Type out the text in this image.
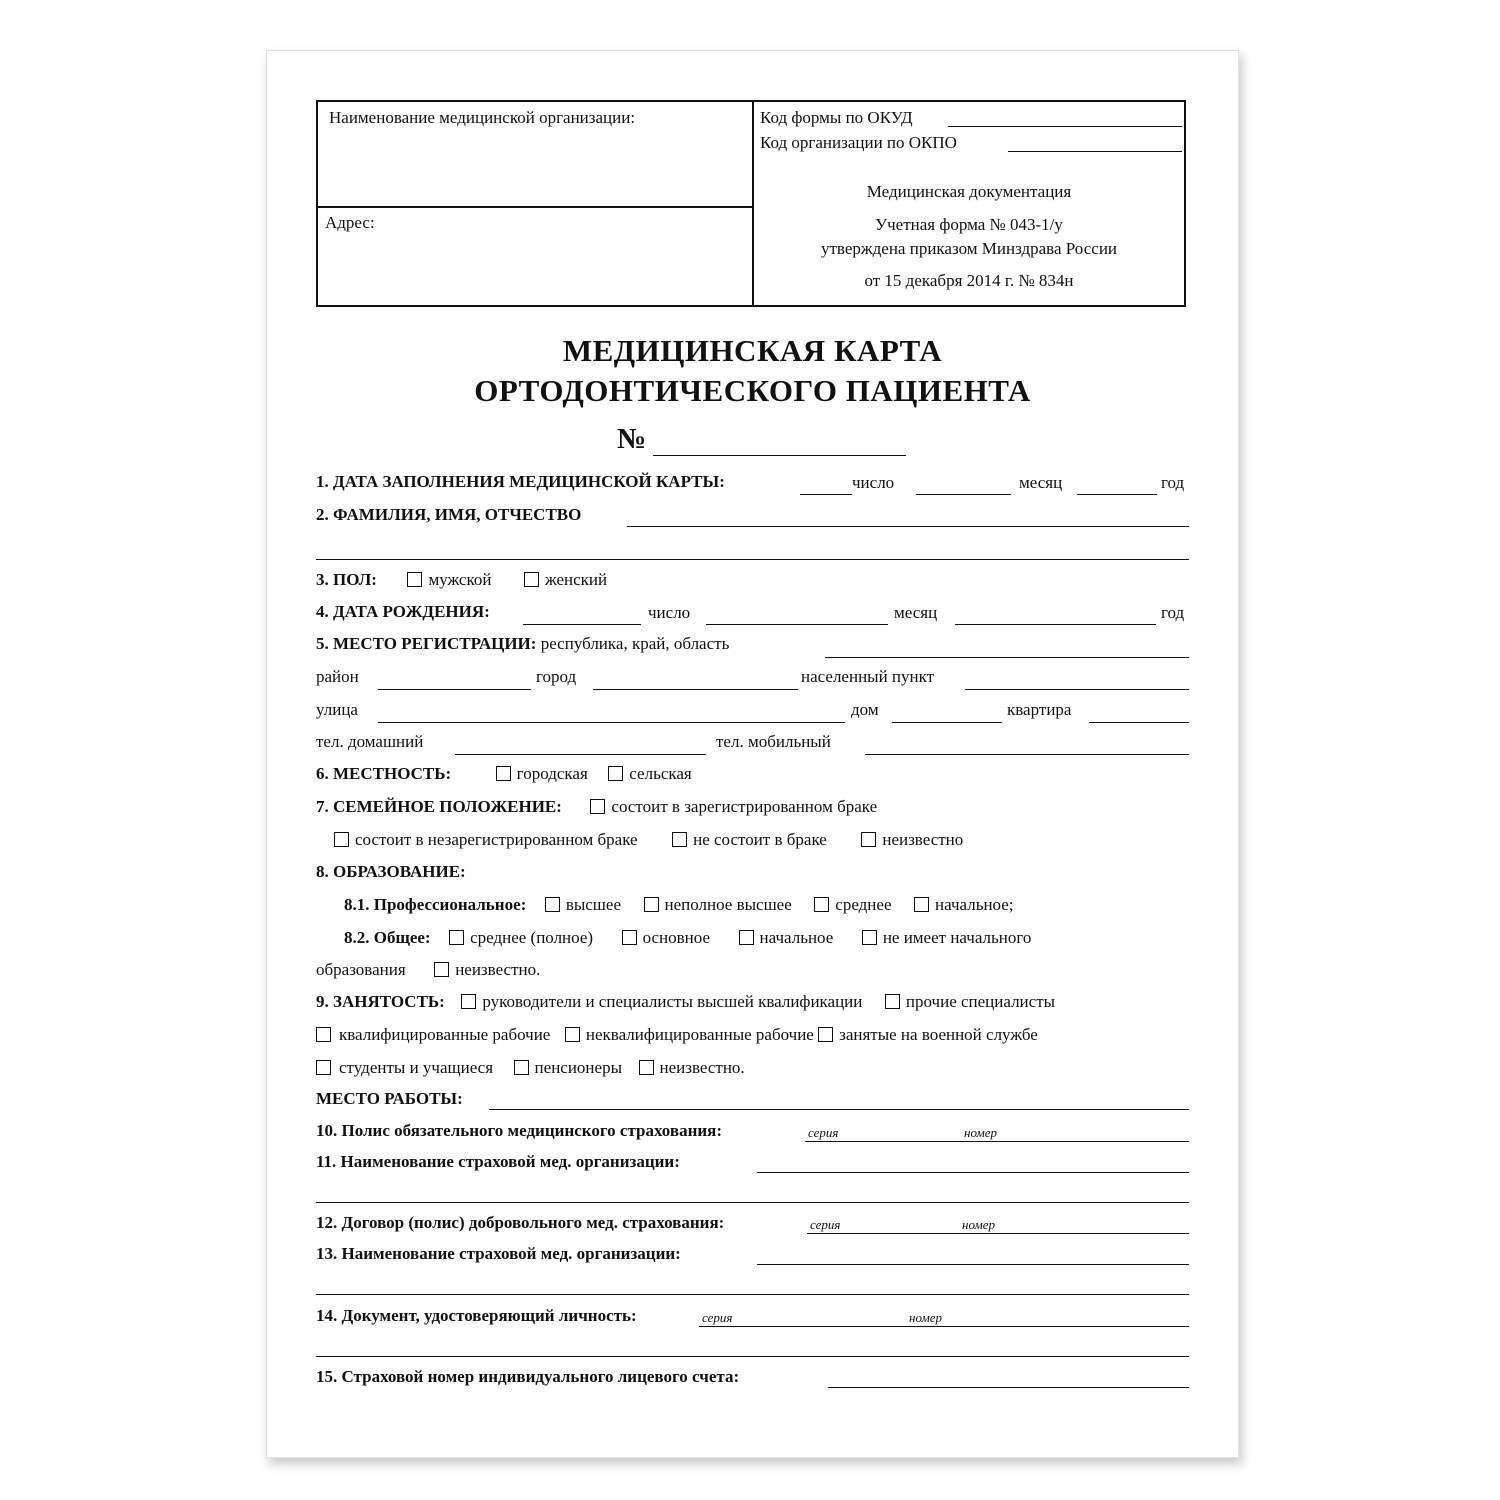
Наименование медицинской организации:
Адрес:
Код формы по ОКУД
Код организации по ОКПО
Медицинская документация
Учетная форма № 043-1/у
утверждена приказом Минздрава России
от 15 декабря 2014 г. № 834н
МЕДИЦИНСКАЯ КАРТА
ОРТОДОНТИЧЕСКОГО ПАЦИЕНТА
№
1. ДАТА ЗАПОЛНЕНИЯ МЕДИЦИНСКОЙ КАРТЫ:	число	месяц	год
2. ФАМИЛИЯ, ИМЯ, ОТЧЕСТВО
3. ПОЛ:	мужской	женский
4. ДАТА РОЖДЕНИЯ:	число	месяц	год
5. МЕСТО РЕГИСТРАЦИИ: республика, край, область
район	город	населенный пункт
улица	дом	квартира
тел. домашний	тел. мобильный
6. МЕСТНОСТЬ:	городская сельская
7. СЕМЕЙНОЕ ПОЛОЖЕНИЕ:	состоит в зарегистрированном браке
состоит в незарегистрированном браке	не состоит в браке	неизвестно
8. ОБРАЗОВАНИЕ:
8.1. Профессиональное: высшее	неполное высшее	среднее	начальное;
8.2. Общее: среднее (полное)	основное	начальное	не имеет начального
образования	неизвестно.
9. ЗАНЯТОСТЬ: руководители и специалисты высшей квалификации	прочие специалисты
квалифицированные рабочие неквалифицированные рабочие занятые на военной службе
студенты и учащиеся пенсионеры неизвестно.
МЕСТО РАБОТЫ:
10. Полис обязательного медицинского страхования:	серия	номер
11. Наименование страховой мед. организации:
12. Договор (полис) добровольного мед. страхования:	серия	номер
13. Наименование страховой мед. организации:
14. Документ, удостоверяющий личность:	серия	номер
15. Страховой номер индивидуального лицевого счета:
